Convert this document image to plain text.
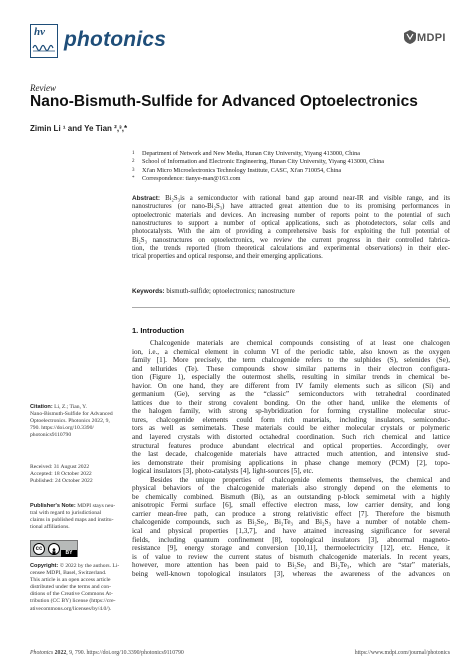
hv photonics	MDPI
Review
Nano-Bismuth-Sulfide for Advanced Optoelectronics
Zimin Li ¹ and Ye Tian ²,³,*
1 Department of Network and New Media, Hunan City University, Yiyang 413000, China
2 School of Information and Electronic Engineering, Hunan City University, Yiyang 413000, China
3 Xi'an Micro Microelectronics Technology Institute, CASC, Xi'an 710054, China
* Correspondence: tianye-man@163.com
Abstract: Bi₂S₃is a semiconductor with rational band gap around near-IR and visible range, and its
nanostructures (or nano-Bi₂S₃) have attracted great attention due to its promising performances in
optoelectronic materials and devices. An increasing number of reports point to the potential of such
nanostructures to support a number of optical applications, such as photodetectors, solar cells and
photocatalysts. With the aim of providing a comprehensive basis for exploiting the full potential of
Bi₂S₃ nanostructures on optoelectronics, we review the current progress in their controlled fabrica-
tion, the trends reported (from theoretical calculations and experimental observations) in their elec-
trical properties and optical response, and their emerging applications.
Keywords: bismuth-sulfide; optoelectronics; nanostructure
1. Introduction
Chalcogenide materials are chemical compounds consisting of at least one chalcogen
ion, i.e., a chemical element in column VI of the periodic table, also known as the oxygen
family [1]. More precisely, the term chalcogenide refers to the sulphides (S), selenides (Se),
and tellurides (Te). These compounds show similar patterns in their electron configura-
tion (Figure 1), especially the outermost shells, resulting in similar trends in chemical be-
havior. On one hand, they are different from IV family elements such as silicon (Si) and
germanium (Ge), serving as the “classic” semiconductors with tetrahedral coordinated
lattices due to their strong covalent bonding. On the other hand, unlike the elements of
the halogen family, with strong sp-hybridization for forming crystalline molecular struc-
tures, chalcogenide elements could form rich materials, including insulators, semiconduc-
tors as well as semimetals. These materials could be either molecular crystals or polymeric
and layered crystals with distorted octahedral coordination. Such rich chemical and lattice
structural features produce abundant electrical and optical properties. Accordingly, over
the last decade, chalcogenide materials have attracted much attention, and intensive stud-
ies demonstrate their promising applications in phase change memory (PCM) [2], topo-
logical insulators [3], photo-catalysts [4], light-sources [5], etc.
Besides the unique properties of chalcogenide elements themselves, the chemical and
physical behaviors of the chalcogenide materials also strongly depend on the elements to
be chemically combined. Bismuth (Bi), as an outstanding p-block semimetal with a highly
anisotropic Fermi surface [6], small effective electron mass, low carrier density, and long
carrier mean-free path, can produce a strong relativistic effect [7]. Therefore the bismuth
chalcogenide compounds, such as Bi₂Se₃, Bi₂Te₃ and Bi₂S₃ have a number of notable chem-
ical and physical properties [1,3,7], and have attained increasing significance for several
fields, including quantum confinement [8], topological insulators [3], abnormal magneto-
resistance [9], energy storage and conversion [10,11], thermoelectricity [12], etc. Hence, it
is of value to review the current status of bismuth chalcogenide materials. In recent years,
however, more attention has been paid to Bi₂Se₃ and Bi₂Te₃, which are “star” materials,
being well-known topological insulators [3], whereas the awareness of the advances on
Citation: Li, Z.; Tian, Y.
Nano-Bismuth-Sulfide for Advanced
Optoelectronics. Photonics 2022, 9,
790. https://doi.org/10.3390/
photonics9110790
Received: 31 August 2022
Accepted: 18 October 2022
Published: 24 October 2022
Publisher's Note: MDPI stays neu-
tral with regard to jurisdictional
claims in published maps and institu-
tional affiliations.
cc
BY
Copyright: © 2022 by the authors. Li-
censee MDPI, Basel, Switzerland.
This article is an open access article
distributed under the terms and con-
ditions of the Creative Commons At-
tribution (CC BY) license (https://cre-
ativecommons.org/licenses/by/4.0/).
Photonics 2022, 9, 790. https://doi.org/10.3390/photonics9110790	https://www.mdpi.com/journal/photonics
